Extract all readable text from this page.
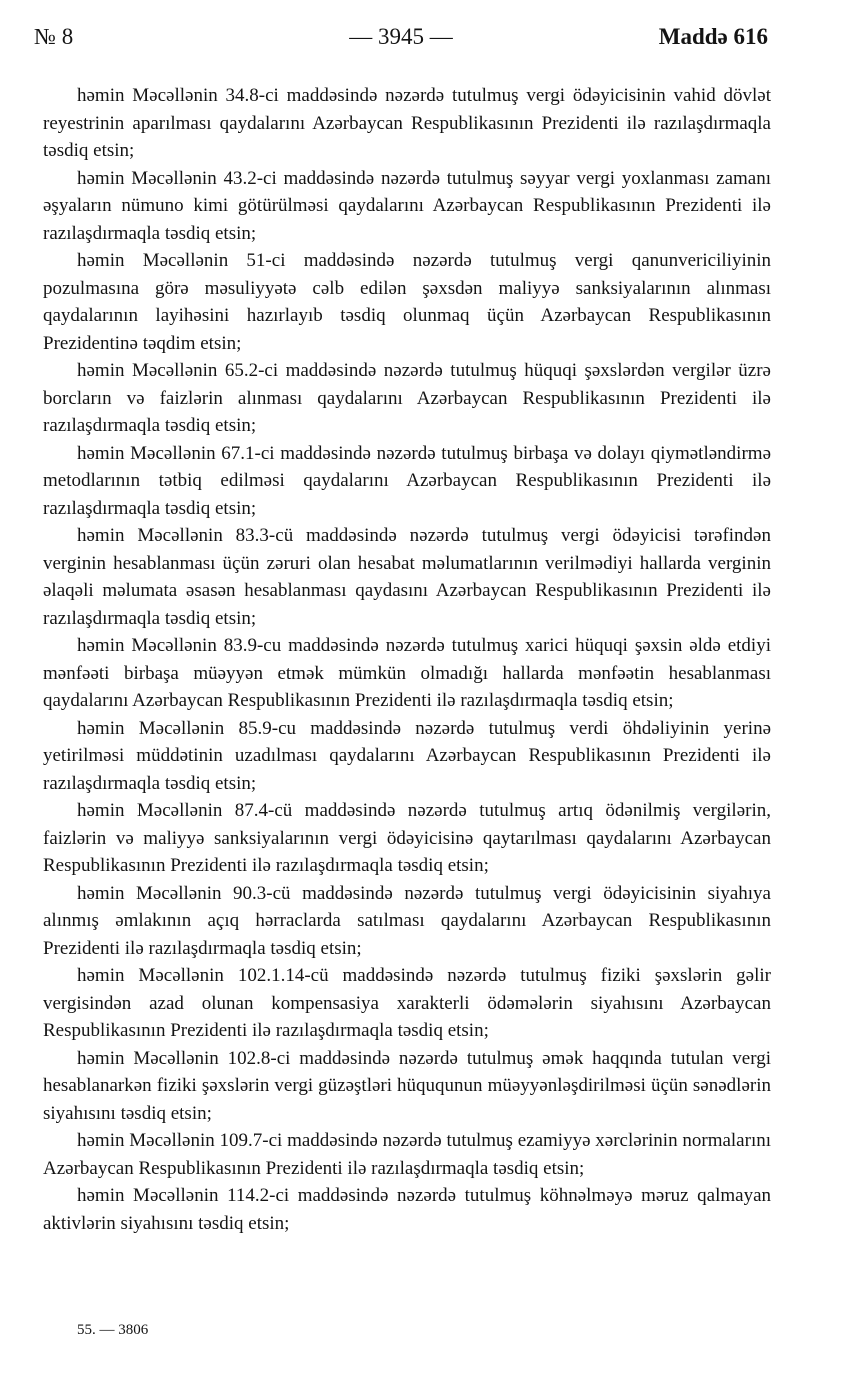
№ 8	— 3945 —	Maddə 616

həmin Məcəllənin 34.8-ci maddəsində nəzərdə tutulmuş vergi ödəyicisinin vahid dövlət reyestrinin aparılması qaydalarını Azərbaycan Respublikasının Prezidenti ilə razılaşdırmaqla təsdiq etsin;

həmin Məcəllənin 43.2-ci maddəsində nəzərdə tutulmuş səyyar vergi yoxlanması zamanı əşyaların nümuno kimi götürülməsi qaydalarını Azərbaycan Respublikasının Prezidenti ilə razılaşdırmaqla təsdiq etsin;

həmin Məcəllənin 51-ci maddəsində nəzərdə tutulmuş vergi qanunvericiliyinin pozulmasına görə məsuliyyətə cəlb edilən şəxsdən maliyyə sanksiyalarının alınması qaydalarının layihəsini hazırlayıb təsdiq olunmaq üçün Azərbaycan Respublikasının Prezidentinə təqdim etsin;

həmin Məcəllənin 65.2-ci maddəsində nəzərdə tutulmuş hüquqi şəxslərdən vergilər üzrə borcların və faizlərin alınması qaydalarını Azərbaycan Respublikasının Prezidenti ilə razılaşdırmaqla təsdiq etsin;

həmin Məcəllənin 67.1-ci maddəsində nəzərdə tutulmuş birbaşa və dolayı qiymətləndirmə metodlarının tətbiq edilməsi qaydalarını Azərbaycan Respublikasının Prezidenti ilə razılaşdırmaqla təsdiq etsin;

həmin Məcəllənin 83.3-cü maddəsində nəzərdə tutulmuş vergi ödəyicisi tərəfindən verginin hesablanması üçün zəruri olan hesabat məlumatlarının verilmədiyi hallarda verginin əlaqəli məlumata əsasən hesablanması qaydasını Azərbaycan Respublikasının Prezidenti ilə razılaşdırmaqla təsdiq etsin;

həmin Məcəllənin 83.9-cu maddəsində nəzərdə tutulmuş xarici hüquqi şəxsin əldə etdiyi mənfəəti birbaşa müəyyən etmək mümkün olmadığı hallarda mənfəətin hesablanması qaydalarını Azərbaycan Respublikasının Prezidenti ilə razılaşdırmaqla təsdiq etsin;

həmin Məcəllənin 85.9-cu maddəsində nəzərdə tutulmuş verdi öhdəliyinin yerinə yetirilməsi müddətinin uzadılması qaydalarını Azərbaycan Respublikasının Prezidenti ilə razılaşdırmaqla təsdiq etsin;

həmin Məcəllənin 87.4-cü maddəsində nəzərdə tutulmuş artıq ödənilmiş vergilərin, faizlərin və maliyyə sanksiyalarının vergi ödəyicisinə qaytarılması qaydalarını Azərbaycan Respublikasının Prezidenti ilə razılaşdırmaqla təsdiq etsin;

həmin Məcəllənin 90.3-cü maddəsində nəzərdə tutulmuş vergi ödəyicisinin siyahıya alınmış əmlakının açıq hərraclarda satılması qaydalarını Azərbaycan Respublikasının Prezidenti ilə razılaşdırmaqla təsdiq etsin;

həmin Məcəllənin 102.1.14-cü maddəsində nəzərdə tutulmuş fiziki şəxslərin gəlir vergisindən azad olunan kompensasiya xarakterli ödəmələrin siyahısını Azərbaycan Respublikasının Prezidenti ilə razılaşdırmaqla təsdiq etsin;

həmin Məcəllənin 102.8-ci maddəsində nəzərdə tutulmuş əmək haqqında tutulan vergi hesablanarkən fiziki şəxslərin vergi güzəştləri hüququnun müəyyənləşdirilməsi üçün sənədlərin siyahısını təsdiq etsin;

həmin Məcəllənin 109.7-ci maddəsində nəzərdə tutulmuş ezamiyyə xərclərinin normalarını Azərbaycan Respublikasının Prezidenti ilə razılaşdırmaqla təsdiq etsin;

həmin Məcəllənin 114.2-ci maddəsində nəzərdə tutulmuş köhnəlməyə məruz qalmayan aktivlərin siyahısını təsdiq etsin;

55. — 3806
